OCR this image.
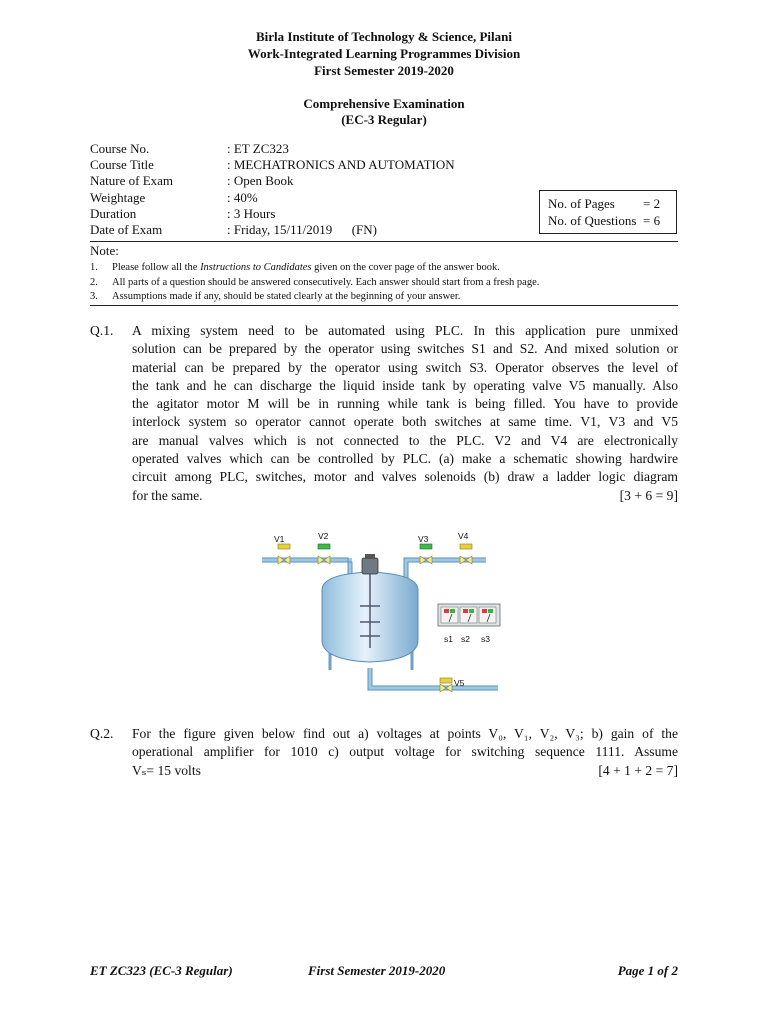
Birla Institute of Technology & Science, Pilani
Work-Integrated Learning Programmes Division
First Semester 2019-2020
Comprehensive Examination
(EC-3 Regular)
Course No.	: ET ZC323
Course Title	: MECHATRONICS AND AUTOMATION
Nature of Exam	: Open Book
Weightage	: 40%
Duration	: 3 Hours
Date of Exam	: Friday, 15/11/2019      (FN)
No. of Pages	= 2
No. of Questions = 6
Note:
1.	Please follow all the Instructions to Candidates given on the cover page of the answer book.
2.	All parts of a question should be answered consecutively. Each answer should start from a fresh page.
3.	Assumptions made if any, should be stated clearly at the beginning of your answer.
Q.1. A mixing system need to be automated using PLC. In this application pure unmixed
solution can be prepared by the operator using switches S1 and S2. And mixed solution or
material can be prepared by the operator using switch S3. Operator observes the level of
the tank and he can discharge the liquid inside tank by operating valve V5 manually. Also
the agitator motor M will be in running while tank is being filled. You have to provide
interlock system so operator cannot operate both switches at same time. V1, V3 and V5
are manual valves which is not connected to the PLC. V2 and V4 are electronically
operated valves which can be controlled by PLC. (a) make a schematic showing hardwire
circuit among PLC, switches, motor and valves solenoids (b) draw a ladder logic diagram
for the same.	[3 + 6 = 9]
V1	V2	V3	V4
V5
s1 s2 s3
Q.2. For the figure given below find out a) voltages at points V₀, V₁, V₂, V₃; b) gain of the
operational amplifier for 1010 c) output voltage for switching sequence 1111. Assume
Vₛ= 15 volts	[4 + 1 + 2 = 7]
ET ZC323 (EC-3 Regular)	First Semester 2019-2020	Page 1 of 2
